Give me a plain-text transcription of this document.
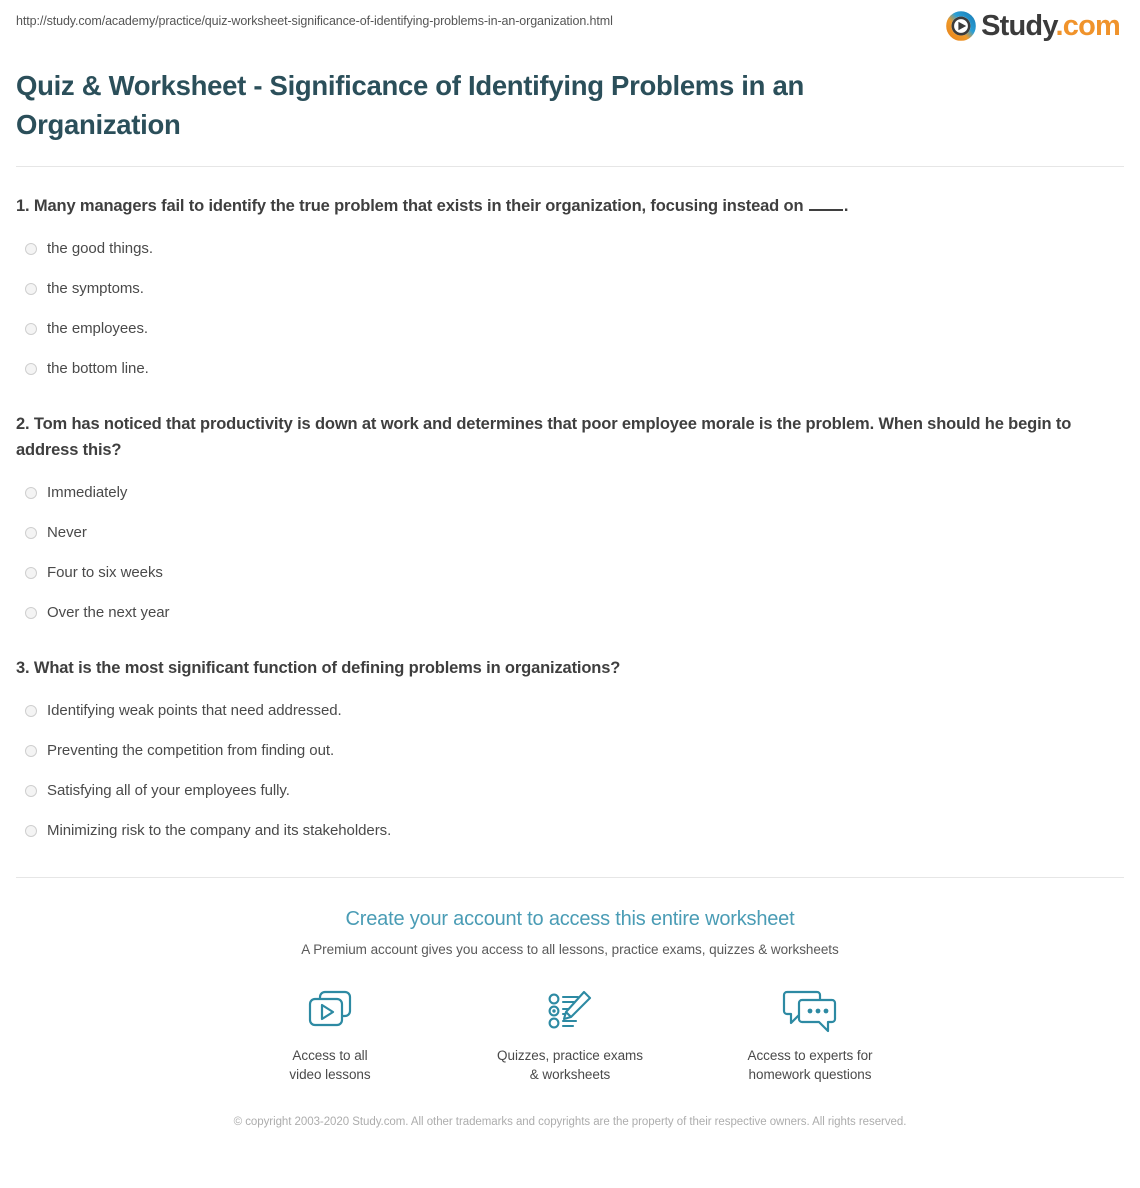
http://study.com/academy/practice/quiz-worksheet-significance-of-identifying-problems-in-an-organization.html	Study.com
Quiz & Worksheet - Significance of Identifying Problems in an Organization

1. Many managers fail to identify the true problem that exists in their organization, focusing instead on .

the good things.
the symptoms.
the employees.
the bottom line.

2. Tom has noticed that productivity is down at work and determines that poor employee morale is the problem. When should he begin to address this?

Immediately
Never
Four to six weeks
Over the next year

3. What is the most significant function of defining problems in organizations?

Identifying weak points that need addressed.
Preventing the competition from finding out.
Satisfying all of your employees fully.
Minimizing risk to the company and its stakeholders.
Create your account to access this entire worksheet
A Premium account gives you access to all lessons, practice exams, quizzes & worksheets
Access to all
video lessons
Quizzes, practice exams
& worksheets
Access to experts for
homework questions
© copyright 2003-2020 Study.com. All other trademarks and copyrights are the property of their respective owners. All rights reserved.
